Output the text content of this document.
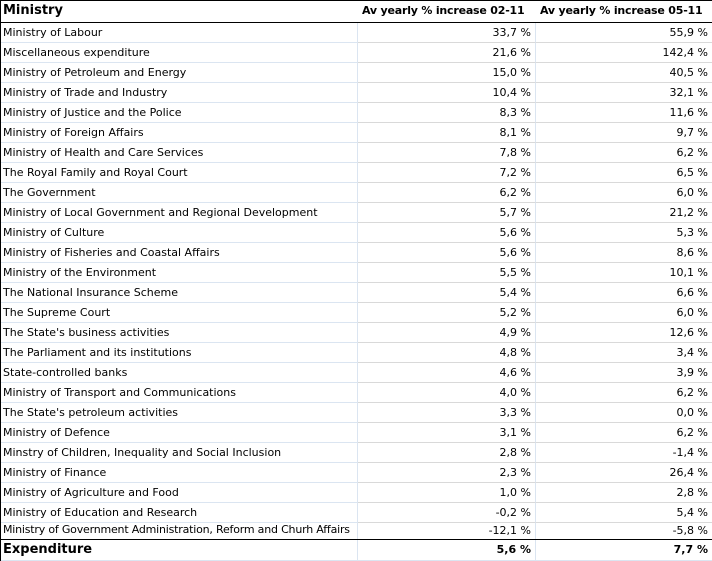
Ministry	Av yearly % increase 02-11	Av yearly % increase 05-11
Ministry of Labour	33,7 %	55,9 %
Miscellaneous expenditure	21,6 %	142,4 %
Ministry of Petroleum and Energy	15,0 %	40,5 %
Ministry of Trade and Industry	10,4 %	32,1 %
Ministry of Justice and the Police	8,3 %	11,6 %
Ministry of Foreign Affairs	8,1 %	9,7 %
Ministry of Health and Care Services	7,8 %	6,2 %
The Royal Family and Royal Court	7,2 %	6,5 %
The Government	6,2 %	6,0 %
Ministry of Local Government and Regional Development	5,7 %	21,2 %
Ministry of Culture	5,6 %	5,3 %
Ministry of Fisheries and Coastal Affairs	5,6 %	8,6 %
Ministry of the Environment	5,5 %	10,1 %
The National Insurance Scheme	5,4 %	6,6 %
The Supreme Court	5,2 %	6,0 %
The State's business activities	4,9 %	12,6 %
The Parliament and its institutions	4,8 %	3,4 %
State-controlled banks	4,6 %	3,9 %
Ministry of Transport and Communications	4,0 %	6,2 %
The State's petroleum activities	3,3 %	0,0 %
Ministry of Defence	3,1 %	6,2 %
Minstry of Children, Inequality and Social Inclusion	2,8 %	-1,4 %
Ministry of Finance	2,3 %	26,4 %
Ministry of Agriculture and Food	1,0 %	2,8 %
Ministry of Education and Research	-0,2 %	5,4 %
Ministry of Government Administration, Reform and Churh Affairs	-12,1 %	-5,8 %
Expenditure	5,6 %	7,7 %
